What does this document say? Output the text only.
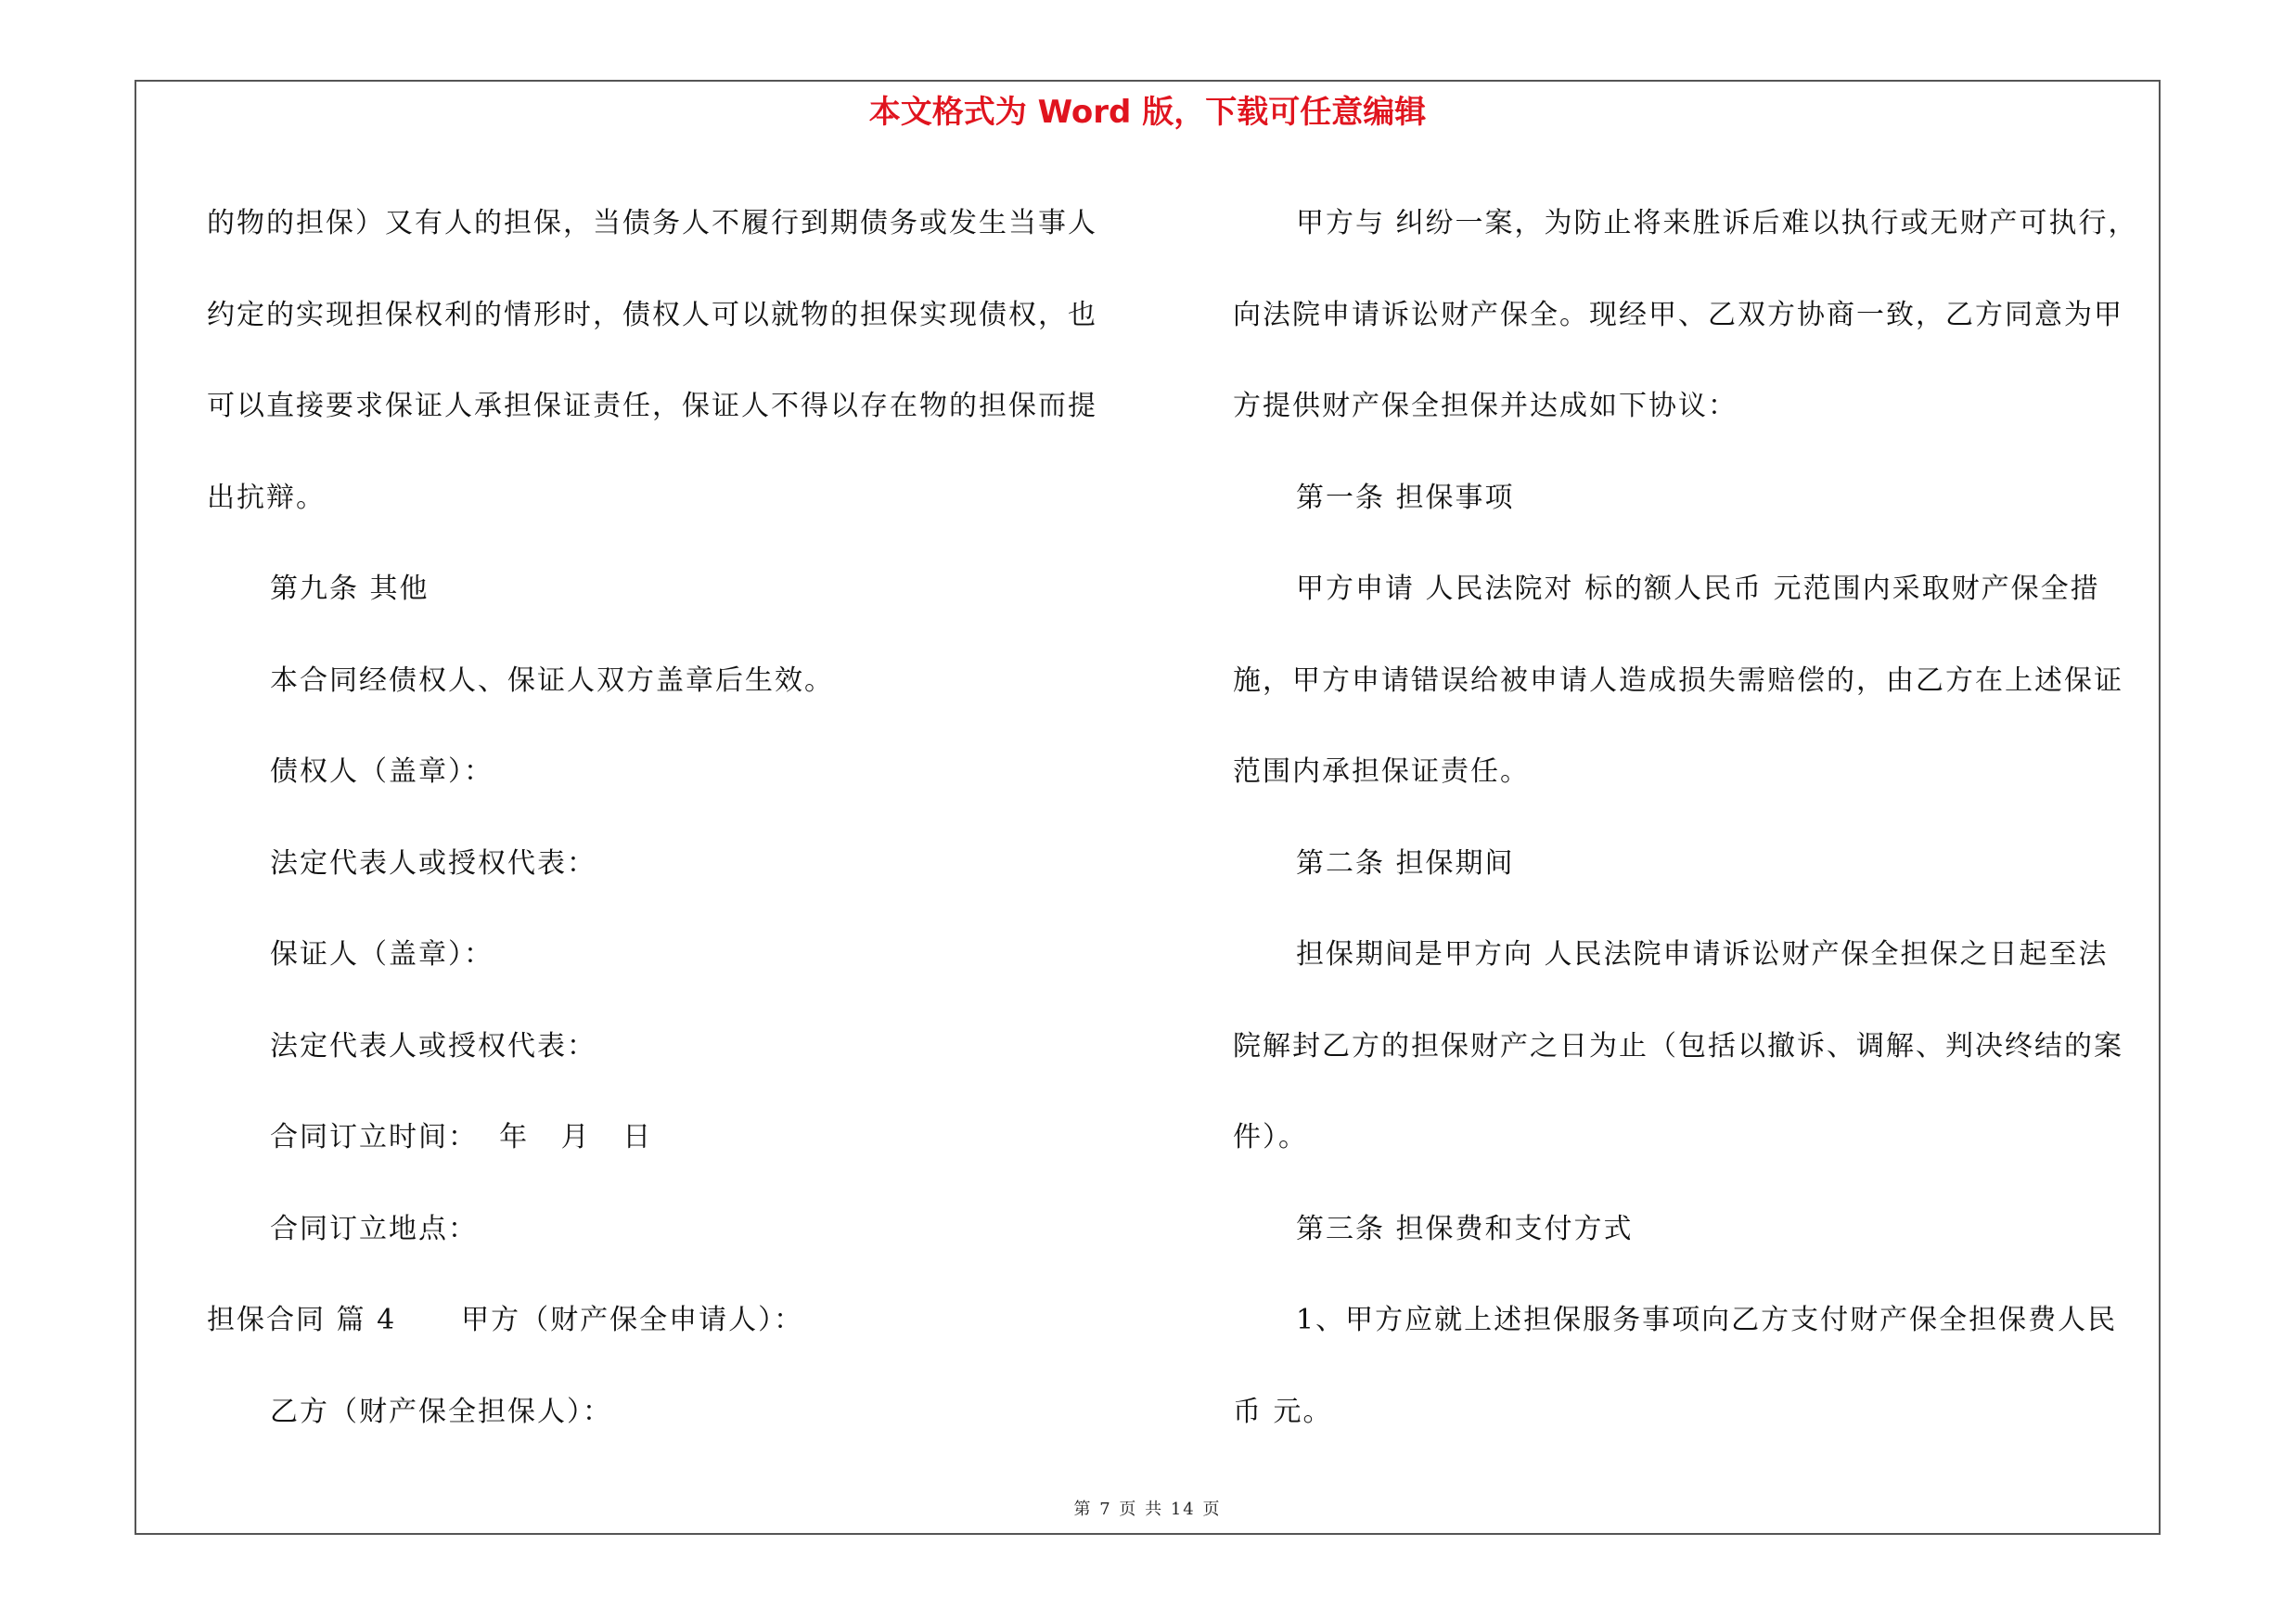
本文格式为 Word 版，下载可任意编辑

的物的担保）又有人的担保，当债务人不履行到期债务或发生当事人

约定的实现担保权利的情形时，债权人可以就物的担保实现债权，也

可以直接要求保证人承担保证责任，保证人不得以存在物的担保而提

出抗辩。

第九条 其他

本合同经债权人、保证人双方盖章后生效。

债权人（盖章）：

法定代表人或授权代表：

保证人（盖章）：

法定代表人或授权代表：

合同订立时间：  年   月   日

合同订立地点：

担保合同 篇 4 甲方（财产保全申请人）：

乙方（财产保全担保人）：

甲方与 纠纷一案，为防止将来胜诉后难以执行或无财产可执行，

向法院申请诉讼财产保全。现经甲、乙双方协商一致，乙方同意为甲

方提供财产保全担保并达成如下协议：

第一条 担保事项

甲方申请 人民法院对 标的额人民币 元范围内采取财产保全措

施，甲方申请错误给被申请人造成损失需赔偿的，由乙方在上述保证

范围内承担保证责任。

第二条 担保期间

担保期间是甲方向 人民法院申请诉讼财产保全担保之日起至法

院解封乙方的担保财产之日为止（包括以撤诉、调解、判决终结的案

件）。

第三条 担保费和支付方式

1、甲方应就上述担保服务事项向乙方支付财产保全担保费人民

币 元。

第 7 页 共 14 页
